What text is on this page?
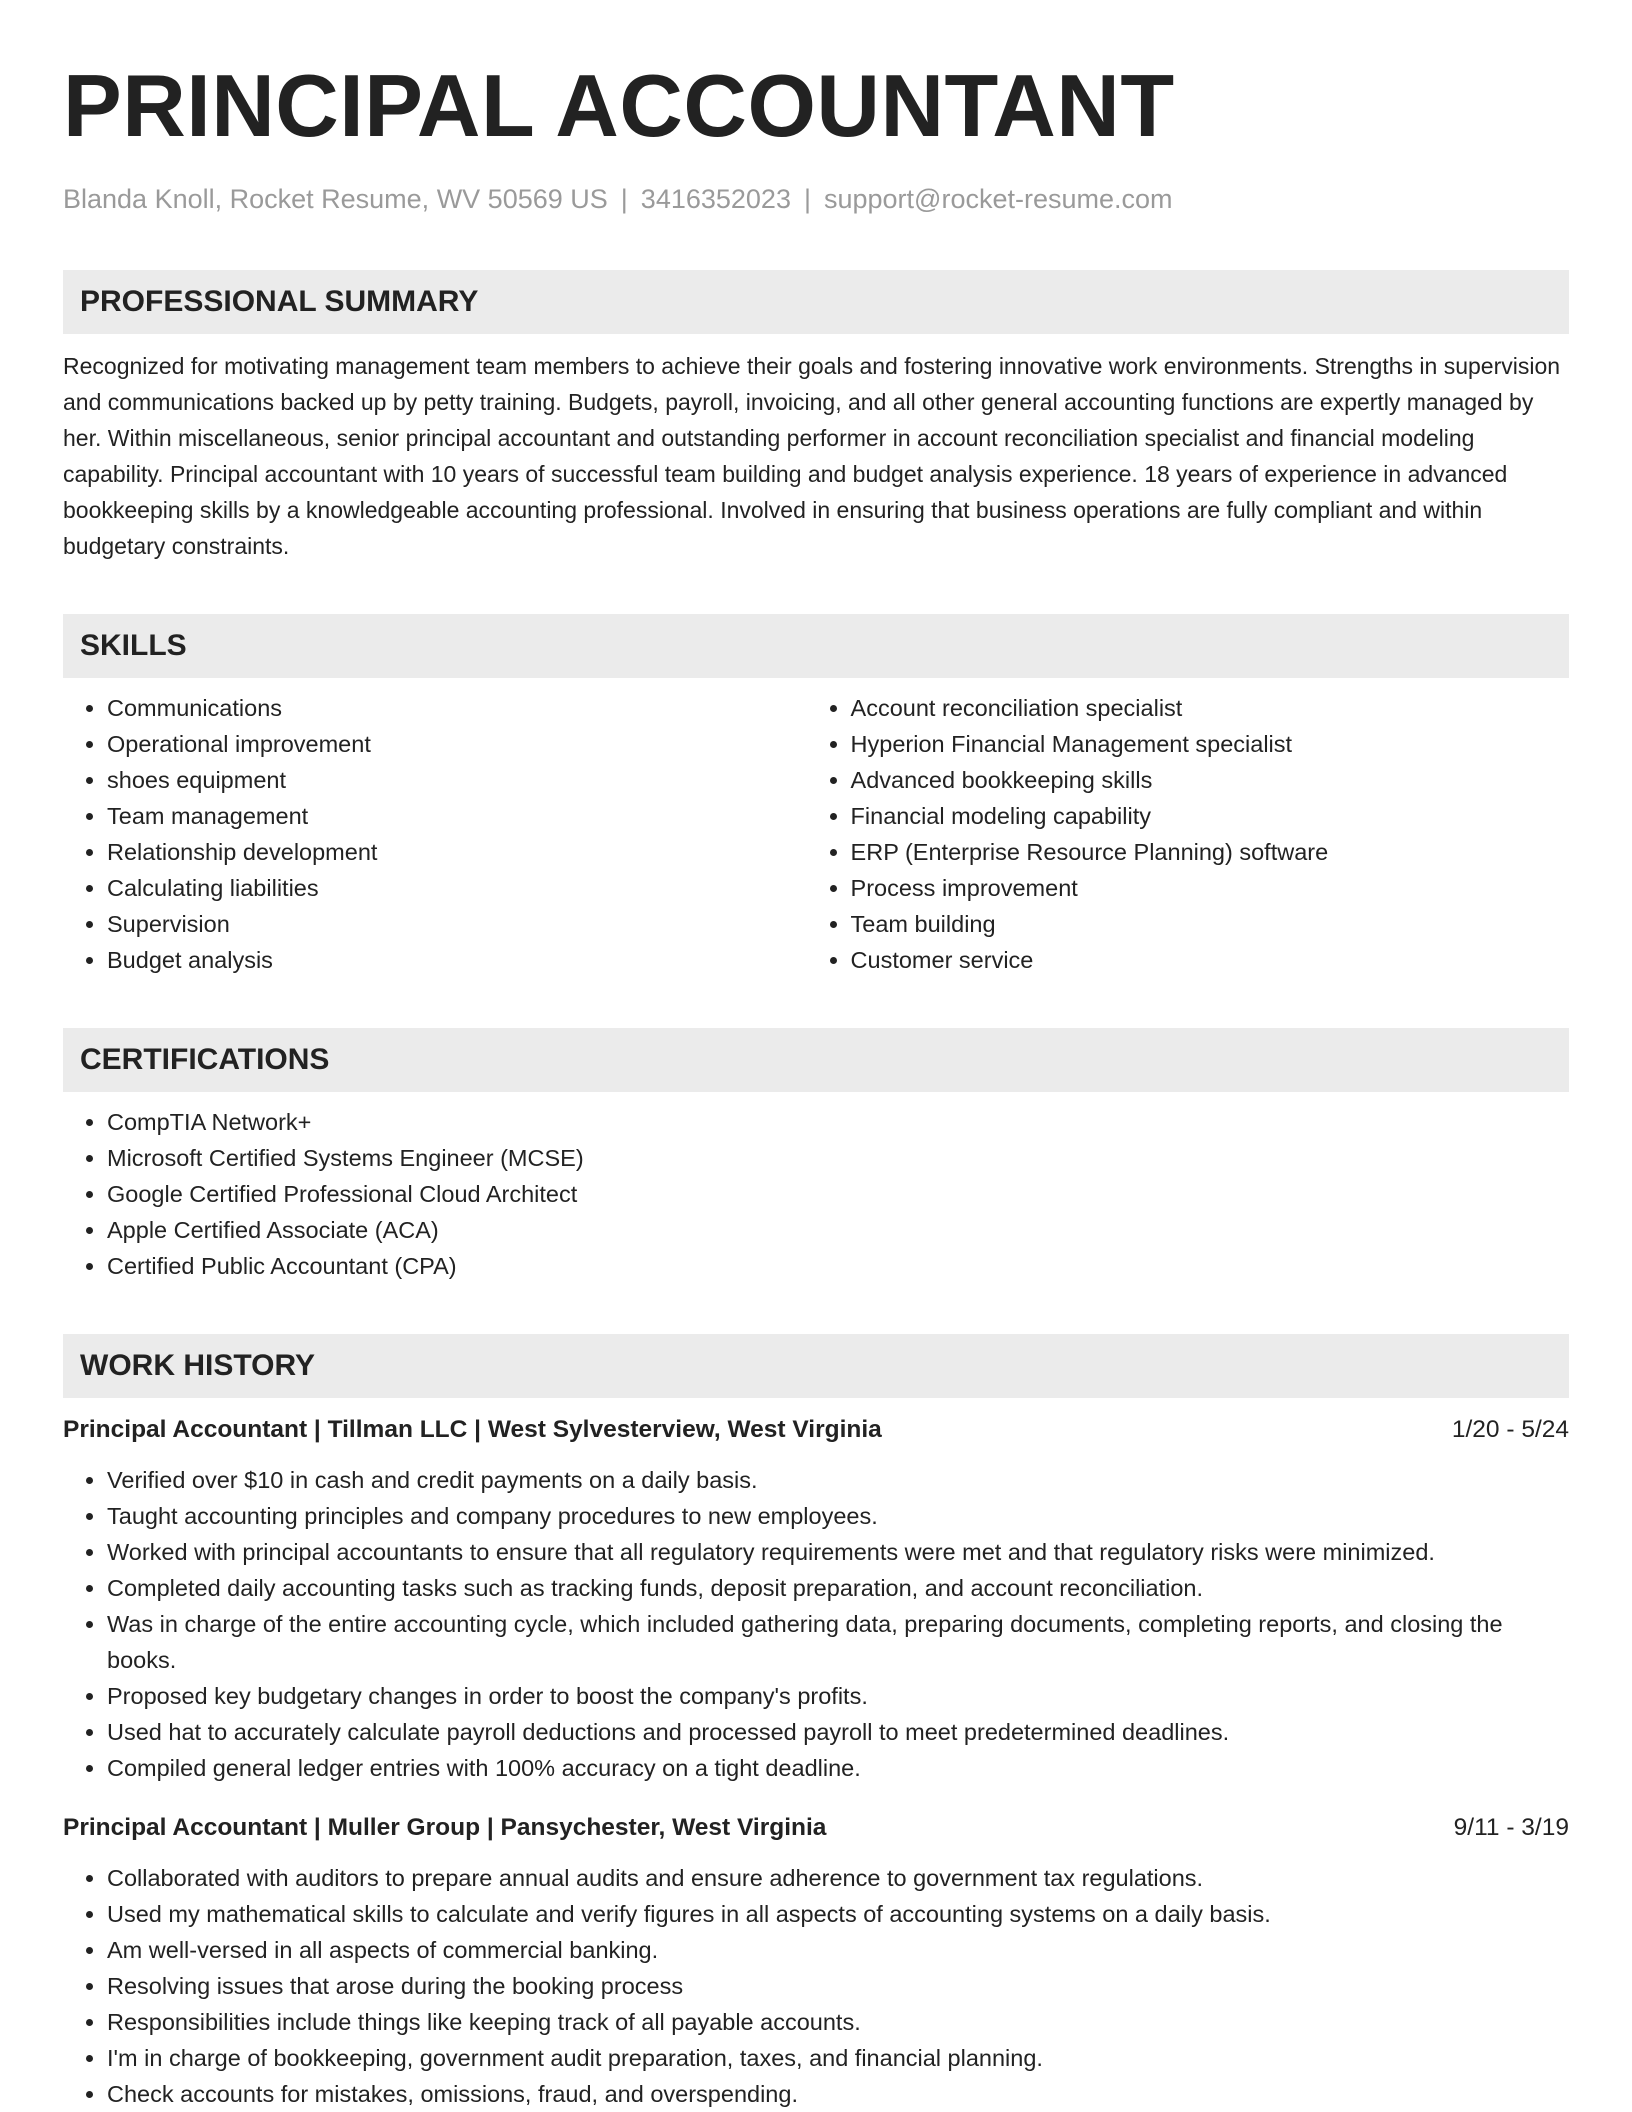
PRINCIPAL ACCOUNTANT
Blanda Knoll, Rocket Resume, WV 50569 US | 3416352023 | support@rocket-resume.com
PROFESSIONAL SUMMARY
Recognized for motivating management team members to achieve their goals and fostering innovative work environments. Strengths in supervision and communications backed up by petty training. Budgets, payroll, invoicing, and all other general accounting functions are expertly managed by her. Within miscellaneous, senior principal accountant and outstanding performer in account reconciliation specialist and financial modeling capability. Principal accountant with 10 years of successful team building and budget analysis experience. 18 years of experience in advanced bookkeeping skills by a knowledgeable accounting professional. Involved in ensuring that business operations are fully compliant and within budgetary constraints.
SKILLS
• Communications
• Operational improvement
• shoes equipment
• Team management
• Relationship development
• Calculating liabilities
• Supervision
• Budget analysis
• Account reconciliation specialist
• Hyperion Financial Management specialist
• Advanced bookkeeping skills
• Financial modeling capability
• ERP (Enterprise Resource Planning) software
• Process improvement
• Team building
• Customer service
CERTIFICATIONS
• CompTIA Network+
• Microsoft Certified Systems Engineer (MCSE)
• Google Certified Professional Cloud Architect
• Apple Certified Associate (ACA)
• Certified Public Accountant (CPA)
WORK HISTORY
Principal Accountant | Tillman LLC | West Sylvesterview, West Virginia	1/20 - 5/24
• Verified over $10 in cash and credit payments on a daily basis.
• Taught accounting principles and company procedures to new employees.
• Worked with principal accountants to ensure that all regulatory requirements were met and that regulatory risks were minimized.
• Completed daily accounting tasks such as tracking funds, deposit preparation, and account reconciliation.
• Was in charge of the entire accounting cycle, which included gathering data, preparing documents, completing reports, and closing the books.
• Proposed key budgetary changes in order to boost the company's profits.
• Used hat to accurately calculate payroll deductions and processed payroll to meet predetermined deadlines.
• Compiled general ledger entries with 100% accuracy on a tight deadline.
Principal Accountant | Muller Group | Pansychester, West Virginia	9/11 - 3/19
• Collaborated with auditors to prepare annual audits and ensure adherence to government tax regulations.
• Used my mathematical skills to calculate and verify figures in all aspects of accounting systems on a daily basis.
• Am well-versed in all aspects of commercial banking.
• Resolving issues that arose during the booking process
• Responsibilities include things like keeping track of all payable accounts.
• I'm in charge of bookkeeping, government audit preparation, taxes, and financial planning.
• Check accounts for mistakes, omissions, fraud, and overspending.
